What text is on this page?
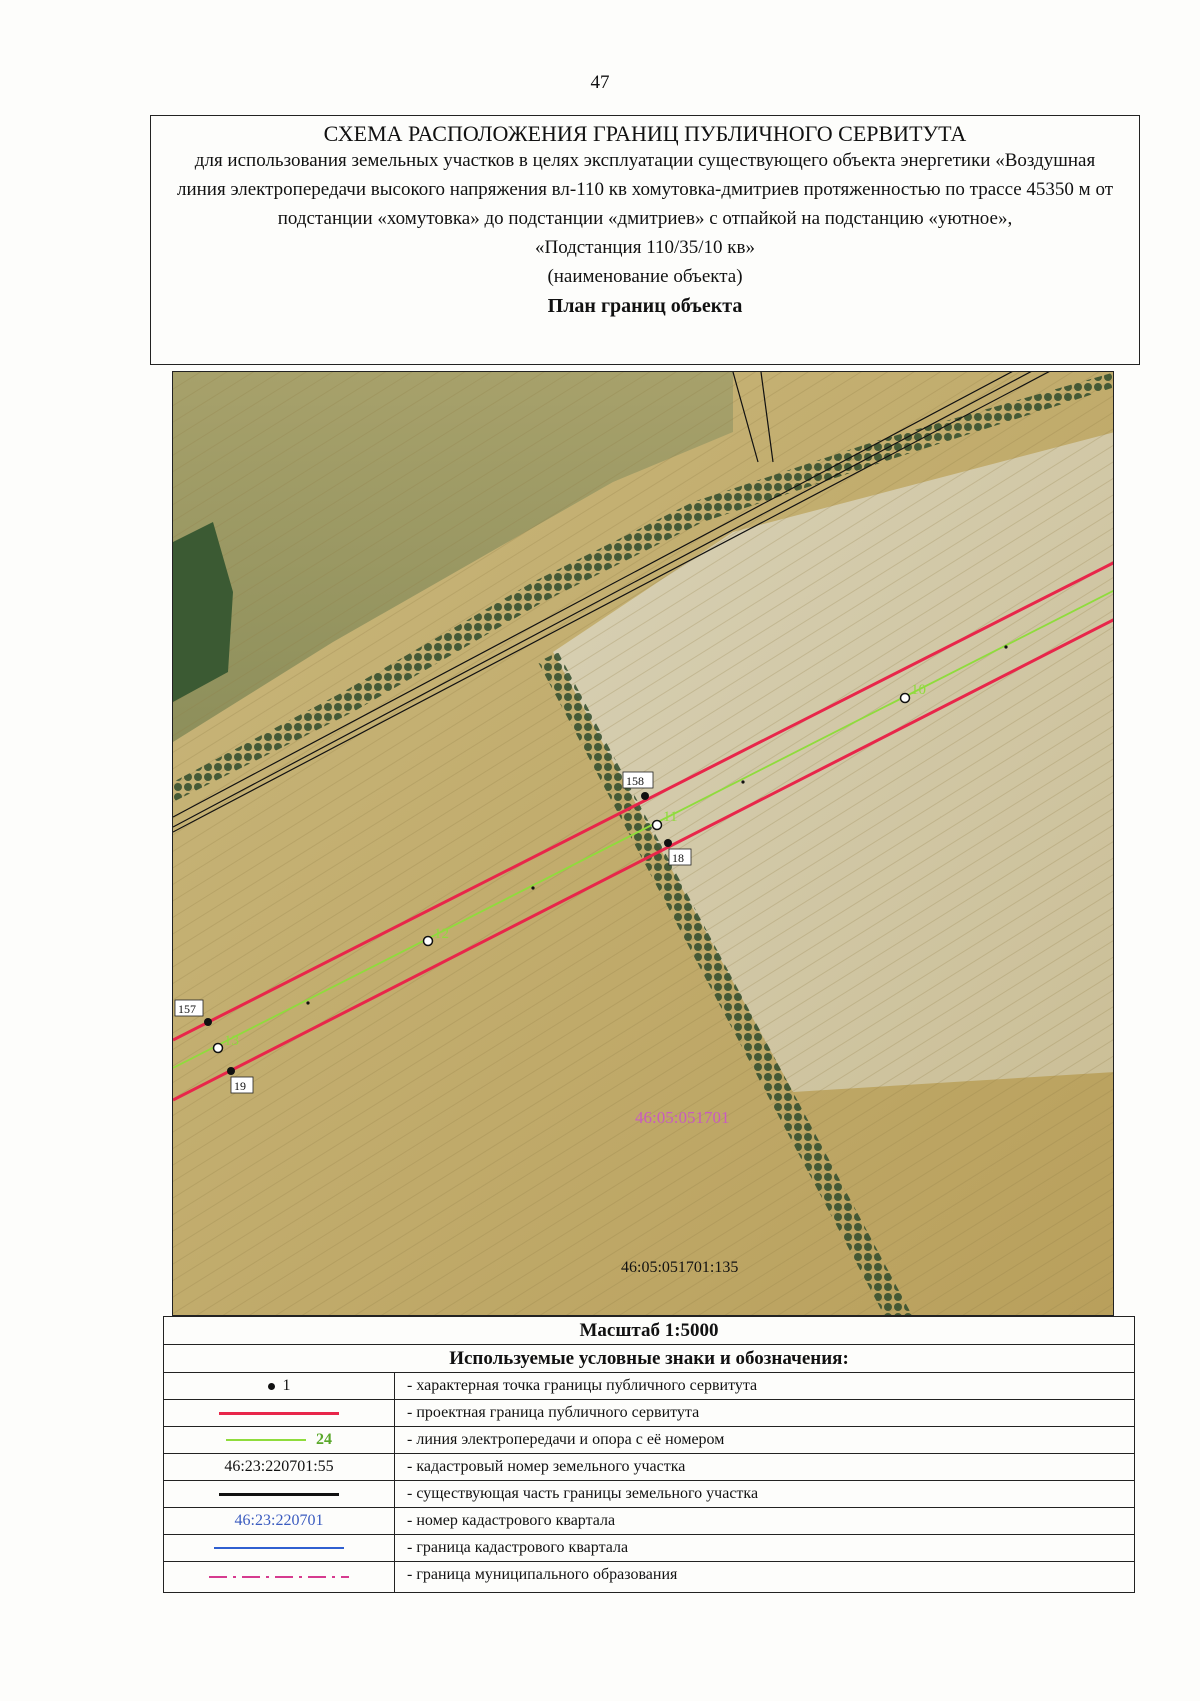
47
СХЕМА РАСПОЛОЖЕНИЯ ГРАНИЦ ПУБЛИЧНОГО СЕРВИТУТА
для использования земельных участков в целях эксплуатации существующего объекта энергетики «Воздушная линия электропередачи высокого напряжения вл-110 кв хомутовка-дмитриев протяженностью по трассе 45350 м от подстанции «хомутовка» до подстанции «дмитриев» с отпайкой на подстанцию «уютное»,
«Подстанция 110/35/10 кв»
(наименование объекта)
План границ объекта
10
11
12
13
158
18
157
19
46:05:051701
46:05:051701:135
Масштаб 1:5000
Используемые условные знаки и обозначения:
1	- характерная точка границы публичного сервитута
- проектная граница публичного сервитута
24	- линия электропередачи и опора с её номером
46:23:220701:55	- кадастровый номер земельного участка
- существующая часть границы земельного участка
46:23:220701	- номер кадастрового квартала
- граница кадастрового квартала
- граница муниципального образования
